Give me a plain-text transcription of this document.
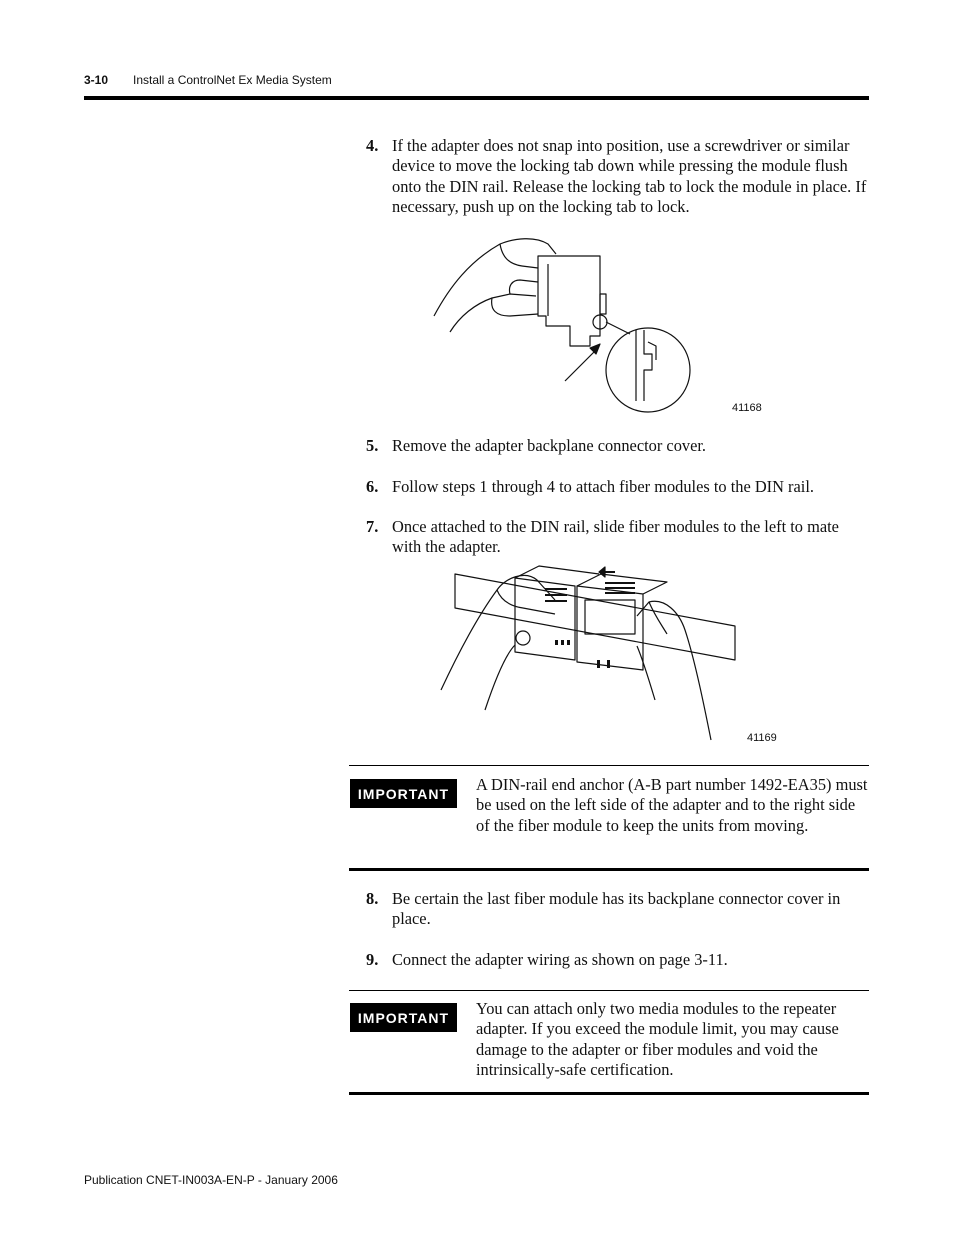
3-10 Install a ControlNet Ex Media System
4. If the adapter does not snap into position, use a screwdriver or similar device to move the locking tab down while pressing the module flush onto the DIN rail. Release the locking tab to lock the module in place. If necessary, push up on the locking tab to lock.
41168
5. Remove the adapter backplane connector cover.
6. Follow steps 1 through 4 to attach fiber modules to the DIN rail.
7. Once attached to the DIN rail, slide fiber modules to the left to mate with the adapter.
41169
IMPORTANT	A DIN-rail end anchor (A-B part number 1492-EA35) must be used on the left side of the adapter and to the right side of the fiber module to keep the units from moving.
8. Be certain the last fiber module has its backplane connector cover in place.
9. Connect the adapter wiring as shown on page 3-11.
IMPORTANT	You can attach only two media modules to the repeater adapter. If you exceed the module limit, you may cause damage to the adapter or fiber modules and void the intrinsically-safe certification.
Publication CNET-IN003A-EN-P - January 2006
